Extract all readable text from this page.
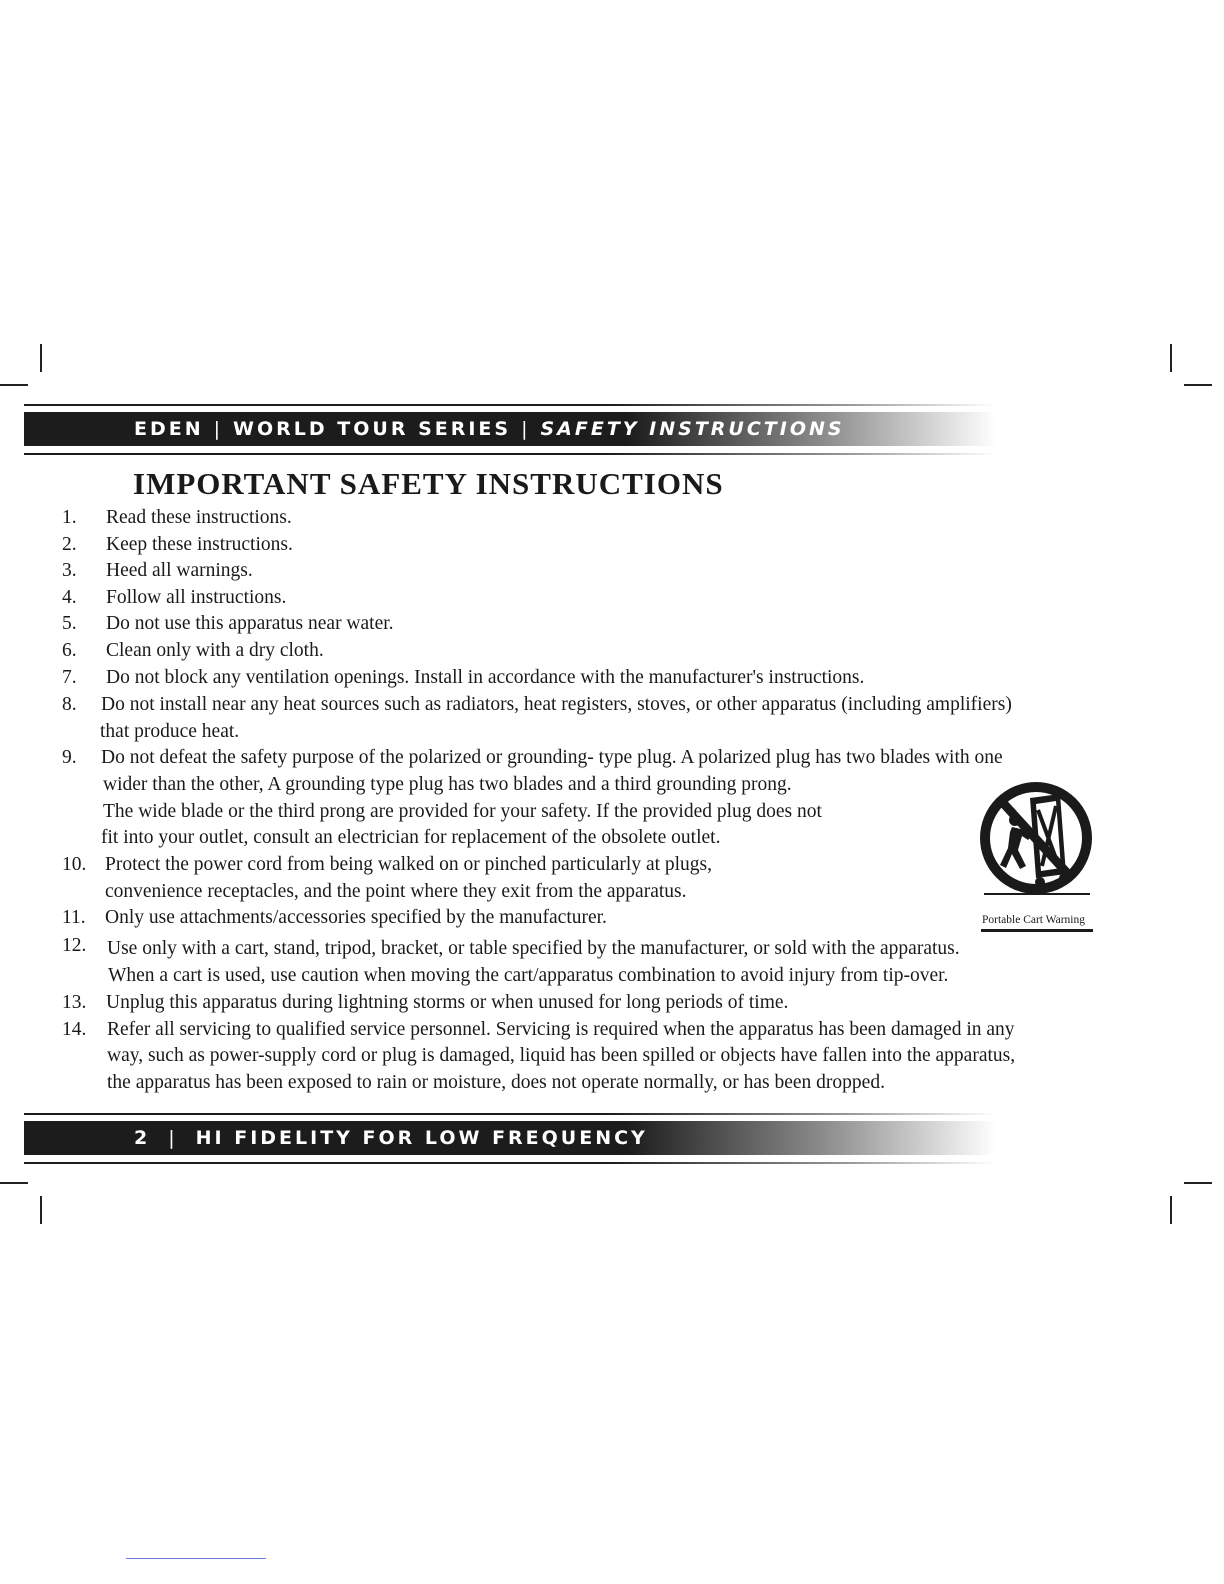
EDEN | WORLD TOUR SERIES | SAFETY INSTRUCTIONS
IMPORTANT SAFETY INSTRUCTIONS
1. Read these instructions.
2. Keep these instructions.
3. Heed all warnings.
4. Follow all instructions.
5. Do not use this apparatus near water.
6. Clean only with a dry cloth.
7. Do not block any ventilation openings. Install in accordance with the manufacturer's instructions.
8. Do not install near any heat sources such as radiators, heat registers, stoves, or other apparatus (including amplifiers)
that produce heat.
9. Do not defeat the safety purpose of the polarized or grounding- type plug. A polarized plug has two blades with one
wider than the other, A grounding type plug has two blades and a third grounding prong.
The wide blade or the third prong are provided for your safety. If the provided plug does not
fit into your outlet, consult an electrician for replacement of the obsolete outlet.
10. Protect the power cord from being walked on or pinched particularly at plugs,
convenience receptacles, and the point where they exit from the apparatus.
11. Only use attachments/accessories specified by the manufacturer.
12. Use only with a cart, stand, tripod, bracket, or table specified by the manufacturer, or sold with the apparatus.
When a cart is used, use caution when moving the cart/apparatus combination to avoid injury from tip-over.
13. Unplug this apparatus during lightning storms or when unused for long periods of time.
14. Refer all servicing to qualified service personnel. Servicing is required when the apparatus has been damaged in any
way, such as power-supply cord or plug is damaged, liquid has been spilled or objects have fallen into the apparatus,
the apparatus has been exposed to rain or moisture, does not operate normally, or has been dropped.
Portable Cart Warning
2 | HI FIDELITY FOR LOW FREQUENCY
